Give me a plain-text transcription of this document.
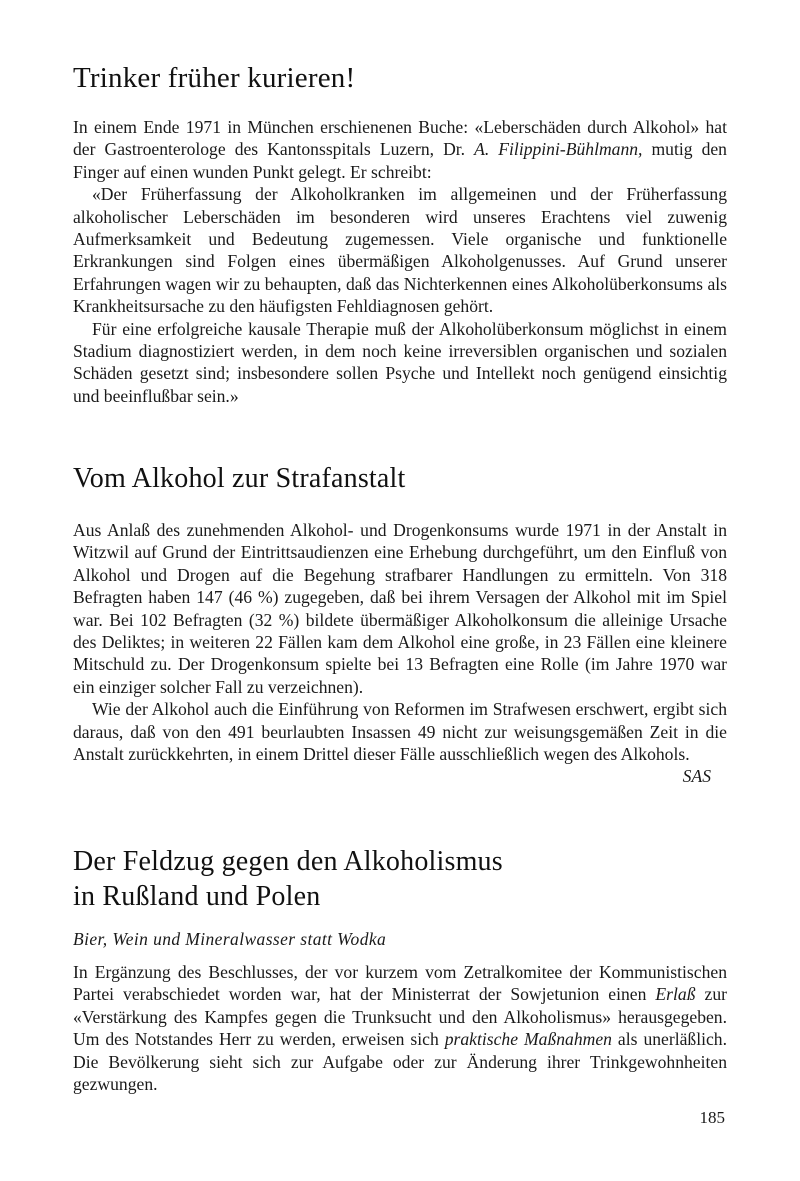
Trinker früher kurieren!

In einem Ende 1971 in München erschienenen Buche: «Leberschäden durch Alkohol» hat der Gastroenterologe des Kantonsspitals Luzern, Dr. A. Filippini-Bühlmann, mutig den Finger auf einen wunden Punkt gelegt. Er schreibt:

«Der Früherfassung der Alkoholkranken im allgemeinen und der Früherfassung alkoholischer Leberschäden im besonderen wird unseres Erachtens viel zuwenig Aufmerksamkeit und Bedeutung zugemessen. Viele organische und funktionelle Erkrankungen sind Folgen eines übermäßigen Alkoholgenusses. Auf Grund unserer Erfahrungen wagen wir zu behaupten, daß das Nichterkennen eines Alkoholüberkonsums als Krankheitsursache zu den häufigsten Fehldiagnosen gehört.

Für eine erfolgreiche kausale Therapie muß der Alkoholüberkonsum möglichst in einem Stadium diagnostiziert werden, in dem noch keine irreversiblen organischen und sozialen Schäden gesetzt sind; insbesondere sollen Psyche und Intellekt noch genügend einsichtig und beeinflußbar sein.»

Vom Alkohol zur Strafanstalt

Aus Anlaß des zunehmenden Alkohol- und Drogenkonsums wurde 1971 in der Anstalt in Witzwil auf Grund der Eintrittsaudienzen eine Erhebung durchgeführt, um den Einfluß von Alkohol und Drogen auf die Begehung strafbarer Handlungen zu ermitteln. Von 318 Befragten haben 147 (46 %) zugegeben, daß bei ihrem Versagen der Alkohol mit im Spiel war. Bei 102 Befragten (32 %) bildete übermäßiger Alkoholkonsum die alleinige Ursache des Deliktes; in weiteren 22 Fällen kam dem Alkohol eine große, in 23 Fällen eine kleinere Mitschuld zu. Der Drogenkonsum spielte bei 13 Befragten eine Rolle (im Jahre 1970 war ein einziger solcher Fall zu verzeichnen).

Wie der Alkohol auch die Einführung von Reformen im Strafwesen erschwert, ergibt sich daraus, daß von den 491 beurlaubten Insassen 49 nicht zur weisungsgemäßen Zeit in die Anstalt zurückkehrten, in einem Drittel dieser Fälle ausschließlich wegen des Alkohols.
SAS

Der Feldzug gegen den Alkoholismus
in Rußland und Polen

Bier, Wein und Mineralwasser statt Wodka

In Ergänzung des Beschlusses, der vor kurzem vom Zetralkomitee der Kommunistischen Partei verabschiedet worden war, hat der Ministerrat der Sowjetunion einen Erlaß zur «Verstärkung des Kampfes gegen die Trunksucht und den Alkoholismus» herausgegeben. Um des Notstandes Herr zu werden, erweisen sich praktische Maßnahmen als unerläßlich. Die Bevölkerung sieht sich zur Aufgabe oder zur Änderung ihrer Trinkgewohnheiten gezwungen.

185
